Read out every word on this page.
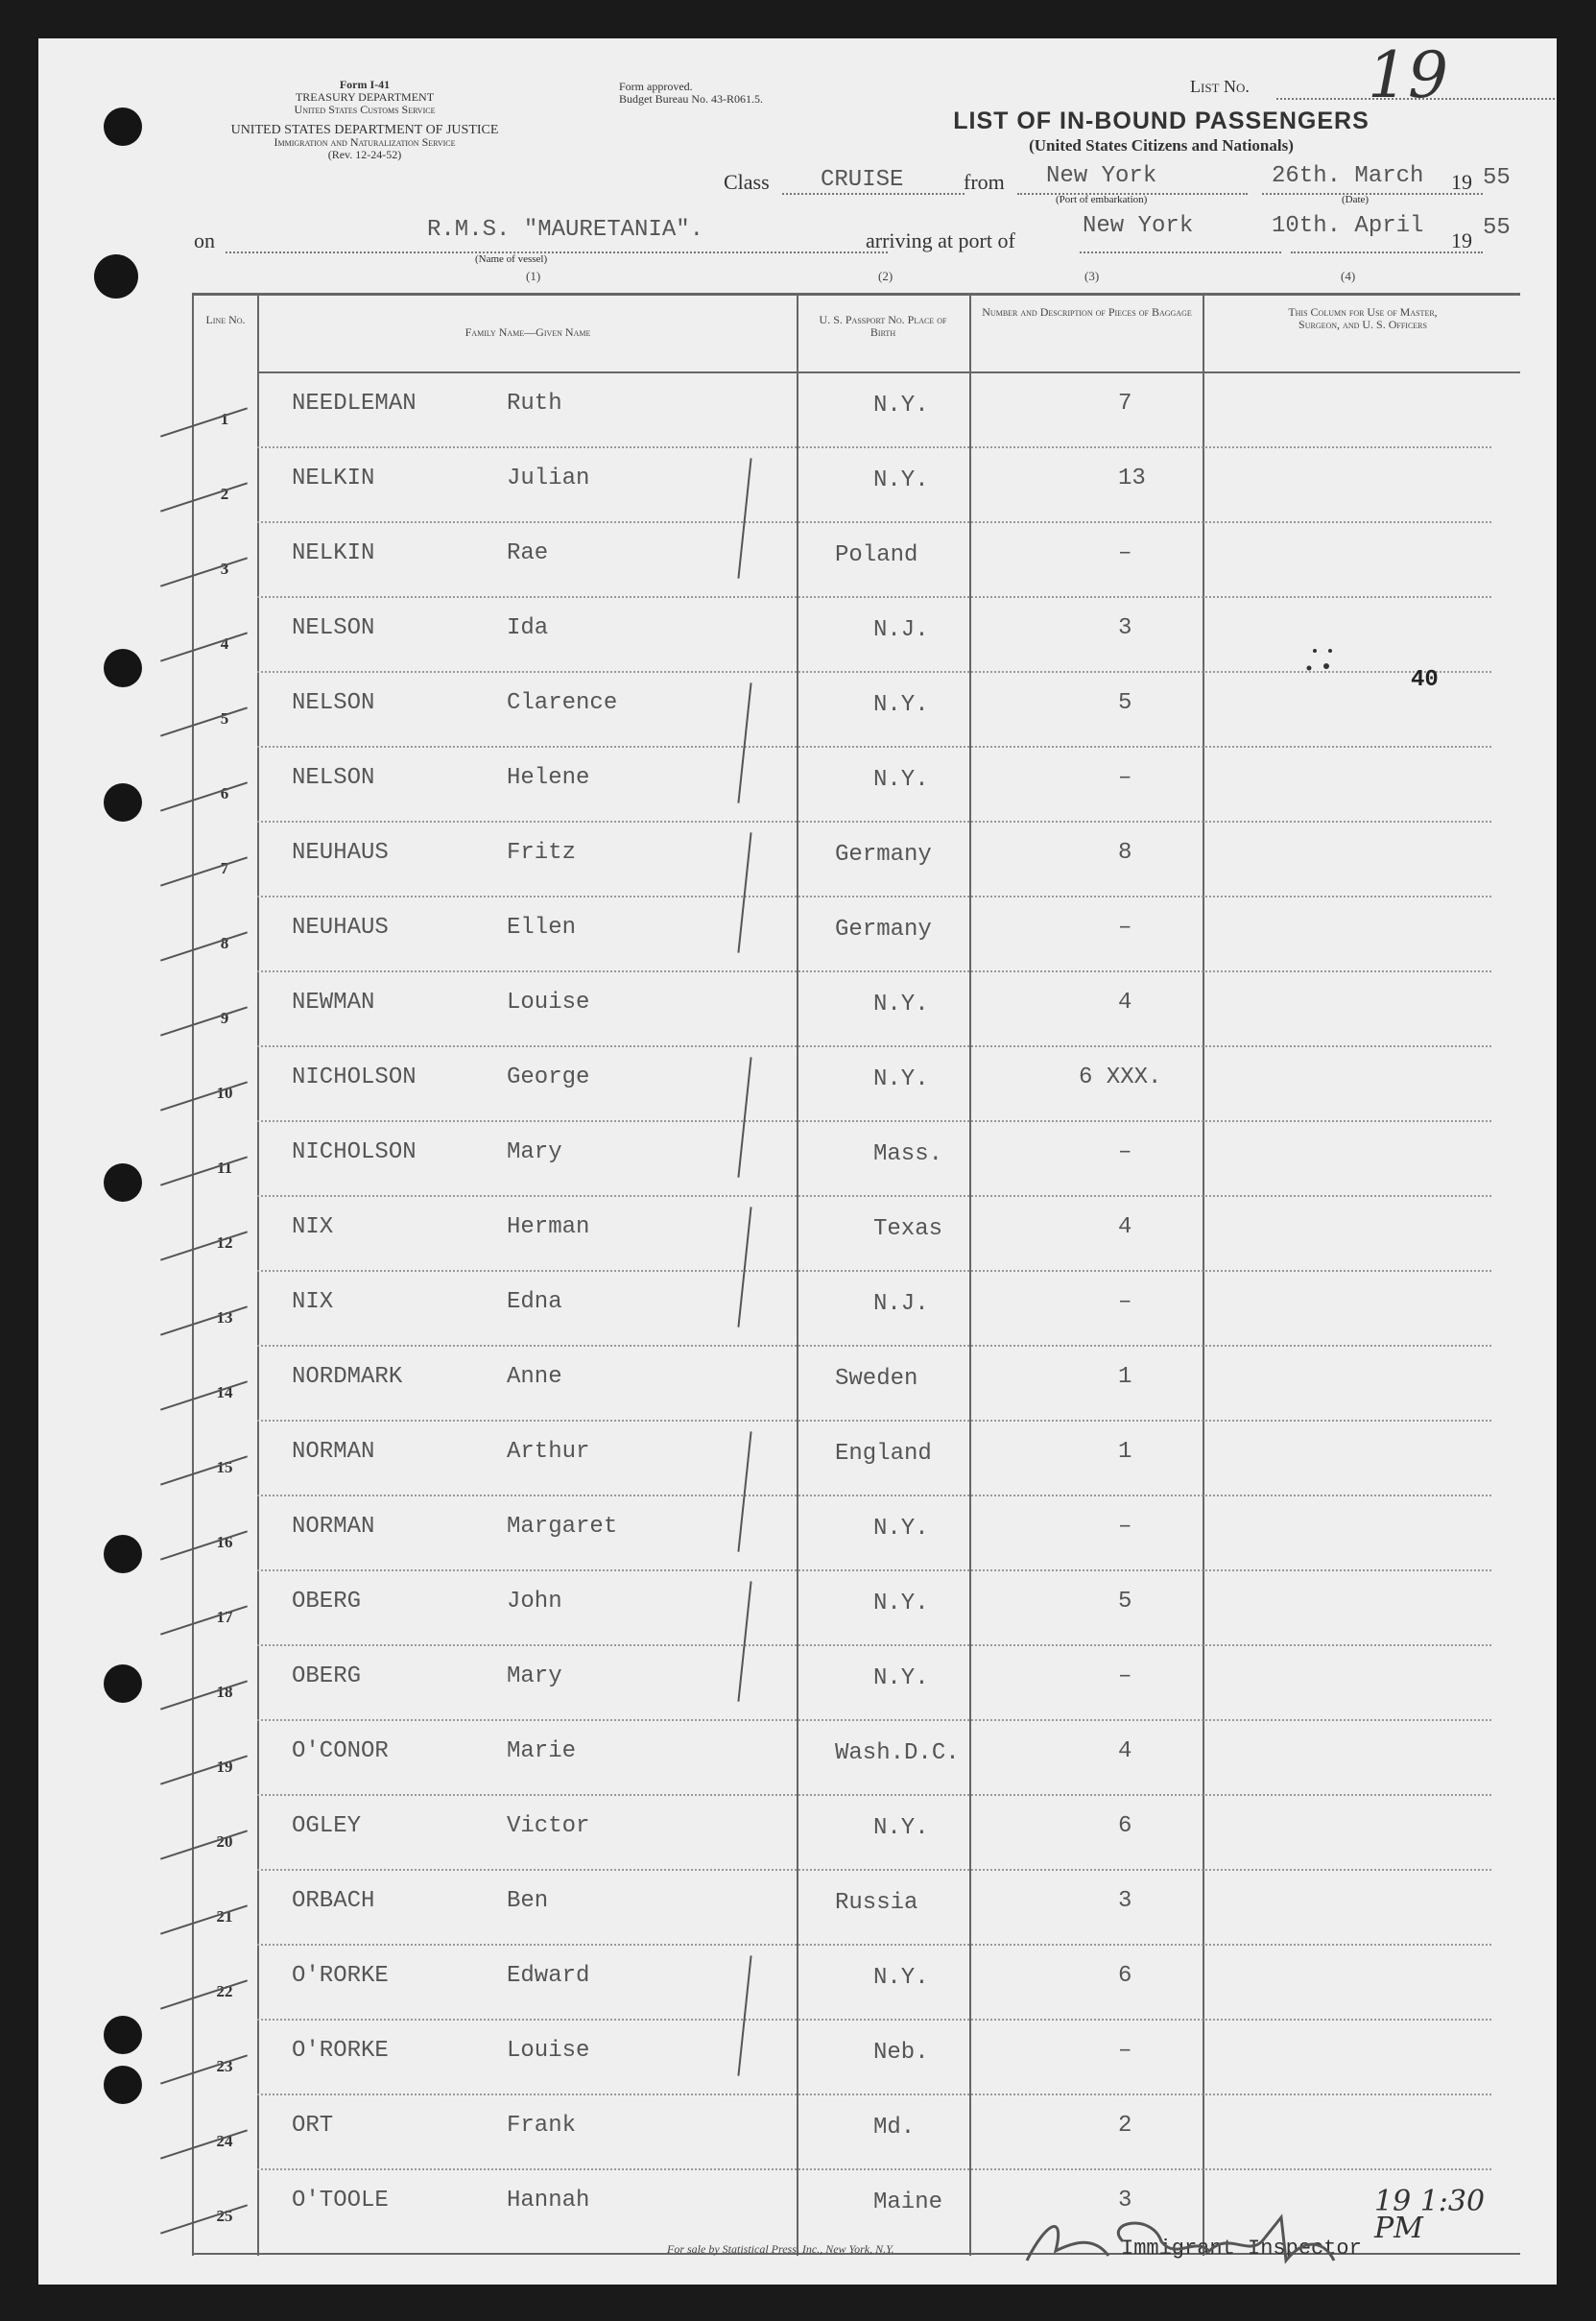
Form I-41
TREASURY DEPARTMENT
United States Customs Service
UNITED STATES DEPARTMENT OF JUSTICE
Immigration and Naturalization Service
(Rev. 12-24-52)
Form approved.
Budget Bureau No. 43-R061.5.
List No. 19
LIST OF IN-BOUND PASSENGERS
(United States Citizens and Nationals)
Class CRUISE	from New York
(Port of embarkation)
26th. March 19 55
(Date)
on	R.M.S. "MAURETANIA".
(Name of vessel)
arriving at port of
New York	10th. April
19 55
(1)	(2)	(3)	(4)
Line No.
Family Name—Given Name
U. S. Passport No. Place of Birth
Number and Description of Pieces of Baggage	This Column for Use of Master, Surgeon, and U. S. Officers
NEEDLEMAN	Ruth	N.Y.	7
1
NELKIN	Julian	N.Y.	13
2
NELKIN	Rae	Poland	–
3
NELSON	Ida	N.J.	3
4
NELSON	Clarence	N.Y.	5
5
NELSON	Helene	N.Y.	–
6
NEUHAUS	Fritz	Germany	8
7
NEUHAUS	Ellen	Germany	–
8
NEWMAN	Louise	N.Y.	4
9
NICHOLSON	George	N.Y.	6 XXX.
10
NICHOLSON	Mary	Mass.	–
11
NIX	Herman	Texas	4
12
NIX	Edna	N.J.	–
13
NORDMARK	Anne	Sweden	1
14
NORMAN	Arthur	England	1
15
NORMAN	Margaret	N.Y.	–
16
OBERG	John	N.Y.	5
17
OBERG	Mary	N.Y.	–
18
O'CONOR	Marie	Wash.D.C.	4
19
OGLEY	Victor	N.Y.	6
20
ORBACH	Ben	Russia	3
21
O'RORKE	Edward	N.Y.	6
22
O'RORKE	Louise	Neb.	–
23
ORT	Frank	Md.	2
24
O'TOOLE	Hannah	Maine	3
25
40
For sale by Statistical Press, Inc., New York, N.Y.	Immigrant Inspector
19 1:30 PM
